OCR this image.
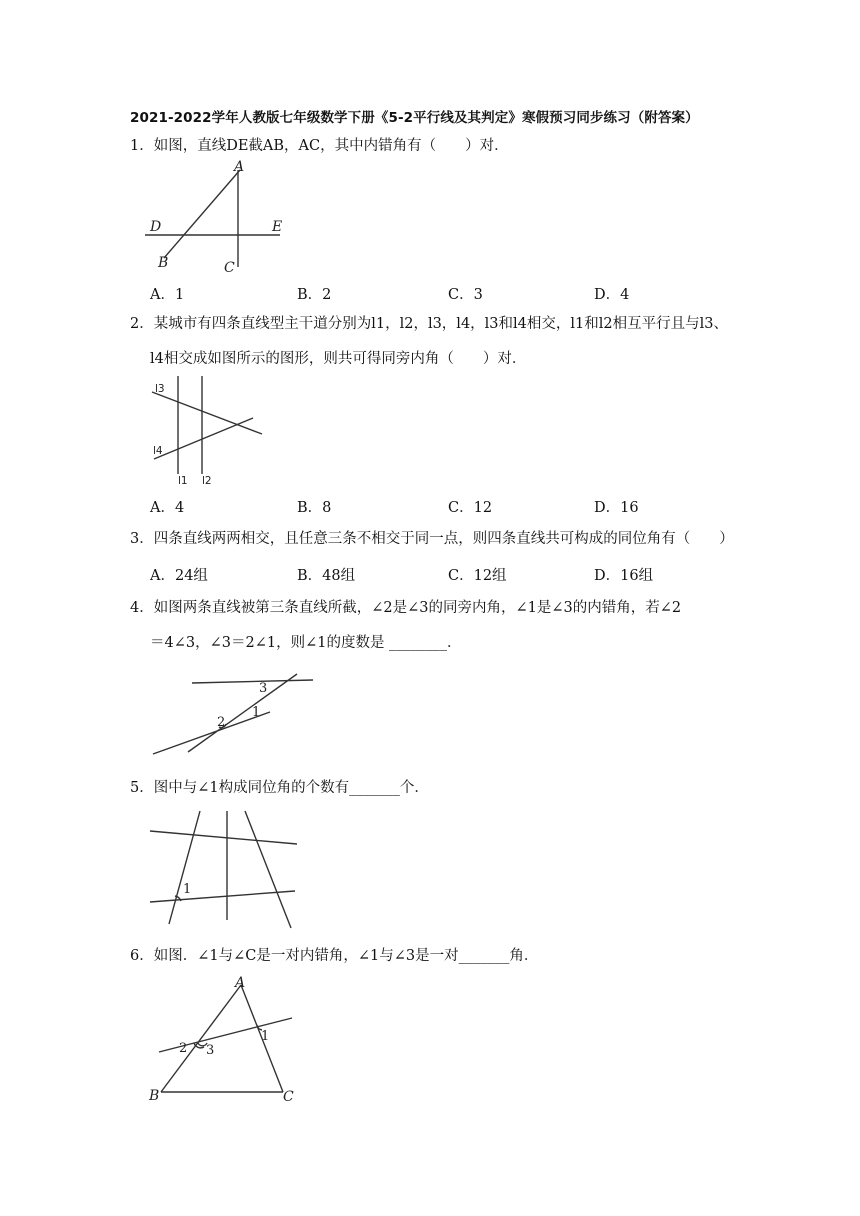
2021-2022学年人教版七年级数学下册《5-2平行线及其判定》寒假预习同步练习（附答案）
1．如图，直线DE截AB，AC，其中内错角有（　　）对．
A
D	E
B	C
A．1	B．2	C．3	D．4
2．某城市有四条直线型主干道分别为l1，l2，l3，l4，l3和l4相交，l1和l2相互平行且与l3、
l4相交成如图所示的图形，则共可得同旁内角（　　）对．
l3
l4
l1 l2
A．4	B．8	C．12	D．16
3．四条直线两两相交，且任意三条不相交于同一点，则四条直线共可构成的同位角有（　　）
A．24组	B．48组	C．12组	D．16组
4．如图两条直线被第三条直线所截，∠2是∠3的同旁内角，∠1是∠3的内错角，若∠2
＝4∠3，∠3＝2∠1，则∠1的度数是 ________．
3
2
1
5．图中与∠1构成同位角的个数有_______个．
1
6．如图．∠1与∠C是一对内错角，∠1与∠3是一对_______角．
A
1
2 3
B	C
